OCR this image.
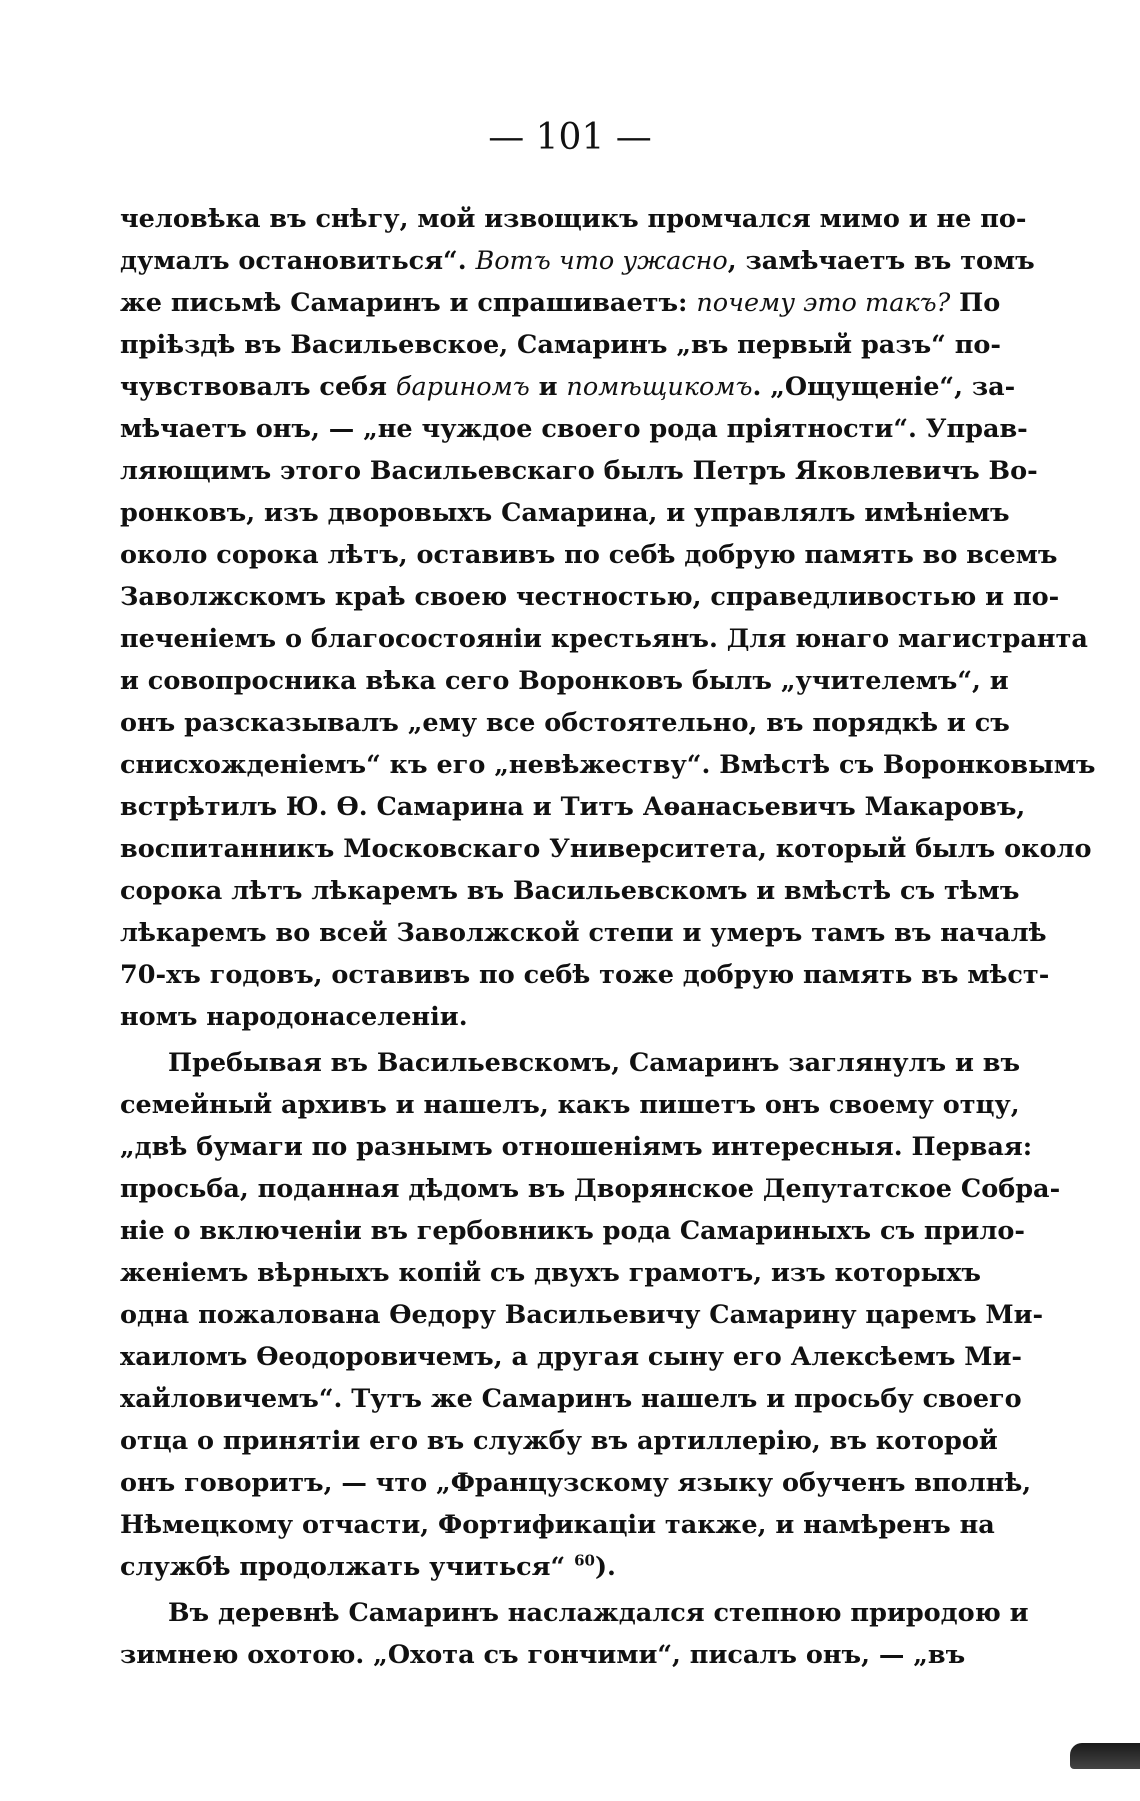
— 101 —
человѣка въ снѣгу, мой извощикъ промчался мимо и не по-
думалъ остановиться“. Вотъ что ужасно, замѣчаетъ въ томъ
же письмѣ Самаринъ и спрашиваетъ: почему это такъ? По
пріѣздѣ въ Васильевское, Самаринъ „въ первый разъ“ по-
чувствовалъ себя бариномъ и помѣщикомъ. „Ощущеніе“, за-
мѣчаетъ онъ, — „не чуждое своего рода пріятности“. Управ-
ляющимъ этого Васильевскаго былъ Петръ Яковлевичъ Во-
ронковъ, изъ дворовыхъ Самарина, и управлялъ имѣніемъ
около сорока лѣтъ, оставивъ по себѣ добрую память во всемъ
Заволжскомъ краѣ своею честностью, справедливостью и по-
печеніемъ о благосостояніи крестьянъ. Для юнаго магистранта
и совопросника вѣка сего Воронковъ былъ „учителемъ“, и
онъ разсказывалъ „ему все обстоятельно, въ порядкѣ и съ
снисхожденіемъ“ къ его „невѣжеству“. Вмѣстѣ съ Воронковымъ
встрѣтилъ Ю. Ѳ. Самарина и Титъ Аѳанасьевичъ Макаровъ,
воспитанникъ Московскаго Университета, который былъ около
сорока лѣтъ лѣкаремъ въ Васильевскомъ и вмѣстѣ съ тѣмъ
лѣкаремъ во всей Заволжской степи и умеръ тамъ въ началѣ
70-хъ годовъ, оставивъ по себѣ тоже добрую память въ мѣст-
номъ народонаселеніи.
Пребывая въ Васильевскомъ, Самаринъ заглянулъ и въ
семейный архивъ и нашелъ, какъ пишетъ онъ своему отцу,
„двѣ бумаги по разнымъ отношеніямъ интересныя. Первая:
просьба, поданная дѣдомъ въ Дворянское Депутатское Собра-
ніе о включеніи въ гербовникъ рода Самариныхъ съ прило-
женіемъ вѣрныхъ копій съ двухъ грамотъ, изъ которыхъ
одна пожалована Ѳедору Васильевичу Самарину царемъ Ми-
хаиломъ Ѳеодоровичемъ, а другая сыну его Алексѣемъ Ми-
хайловичемъ“. Тутъ же Самаринъ нашелъ и просьбу своего
отца о принятіи его въ службу въ артиллерію, въ которой
онъ говоритъ, — что „Французскому языку обученъ вполнѣ,
Нѣмецкому отчасти, Фортификаціи также, и намѣренъ на
службѣ продолжать учиться“ $^{60}$).
Въ деревнѣ Самаринъ наслаждался степною природою и
зимнею охотою. „Охота съ гончими“, писалъ онъ, — „въ
